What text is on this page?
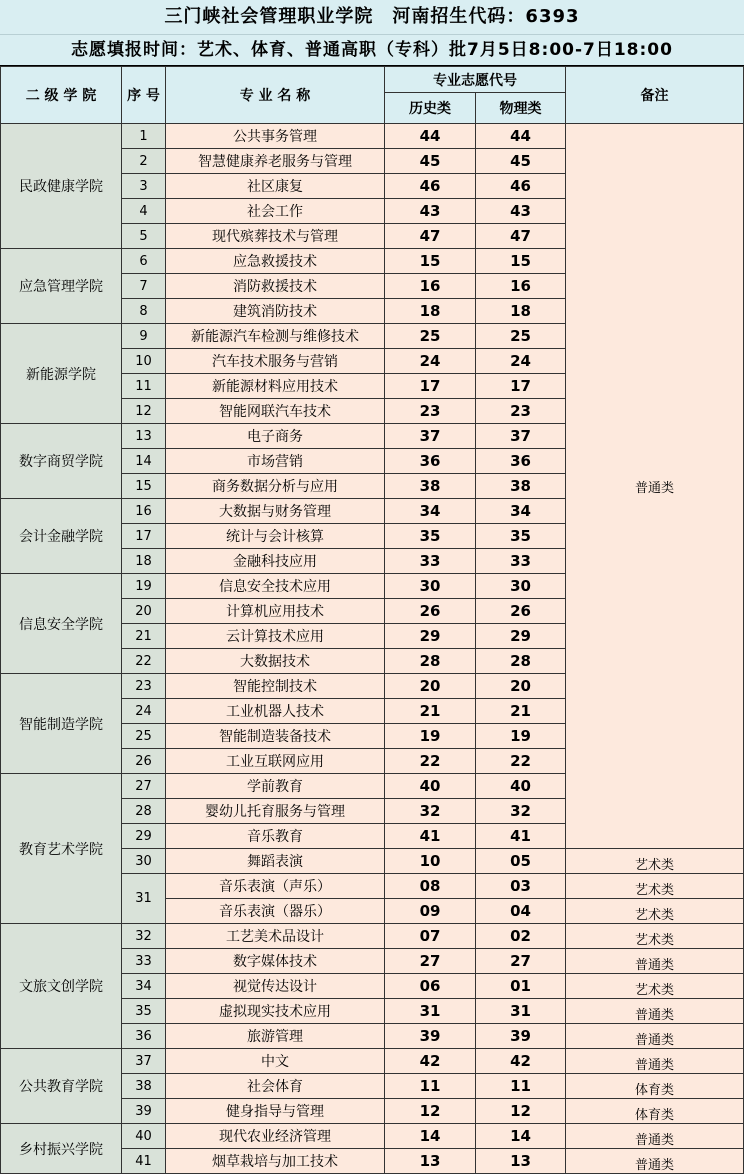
三门峡社会管理职业学院　河南招生代码：6393
志愿填报时间：艺术、体育、普通高职（专科）批7月5日8:00-7日18:00
二 级 学 院	序 号	专 业 名 称	专业志愿代号		备注
			历史类	物理类	
民政健康学院	1	公共事务管理	44	44	普通类
	2	智慧健康养老服务与管理	45	45	
	3	社区康复	46	46	
	4	社会工作	43	43	
	5	现代殡葬技术与管理	47	47	
应急管理学院	6	应急救援技术	15	15	
	7	消防救援技术	16	16	
	8	建筑消防技术	18	18	
新能源学院	9	新能源汽车检测与维修技术	25	25	
	10	汽车技术服务与营销	24	24	
	11	新能源材料应用技术	17	17	
	12	智能网联汽车技术	23	23	
数字商贸学院	13	电子商务	37	37	
	14	市场营销	36	36	
	15	商务数据分析与应用	38	38	
会计金融学院	16	大数据与财务管理	34	34	
	17	统计与会计核算	35	35	
	18	金融科技应用	33	33	
信息安全学院	19	信息安全技术应用	30	30	
	20	计算机应用技术	26	26	
	21	云计算技术应用	29	29	
	22	大数据技术	28	28	
智能制造学院	23	智能控制技术	20	20	
	24	工业机器人技术	21	21	
	25	智能制造装备技术	19	19	
	26	工业互联网应用	22	22	
教育艺术学院	27	学前教育	40	40	
	28	婴幼儿托育服务与管理	32	32	
	29	音乐教育	41	41	
	30	舞蹈表演	10	05	艺术类
	31	音乐表演（声乐）	08	03	艺术类
		音乐表演（器乐）	09	04	艺术类
文旅文创学院	32	工艺美术品设计	07	02	艺术类
	33	数字媒体技术	27	27	普通类
	34	视觉传达设计	06	01	艺术类
	35	虚拟现实技术应用	31	31	普通类
	36	旅游管理	39	39	普通类
公共教育学院	37	中文	42	42	普通类
	38	社会体育	11	11	体育类
	39	健身指导与管理	12	12	体育类
乡村振兴学院	40	现代农业经济管理	14	14	普通类
	41	烟草栽培与加工技术	13	13	普通类
